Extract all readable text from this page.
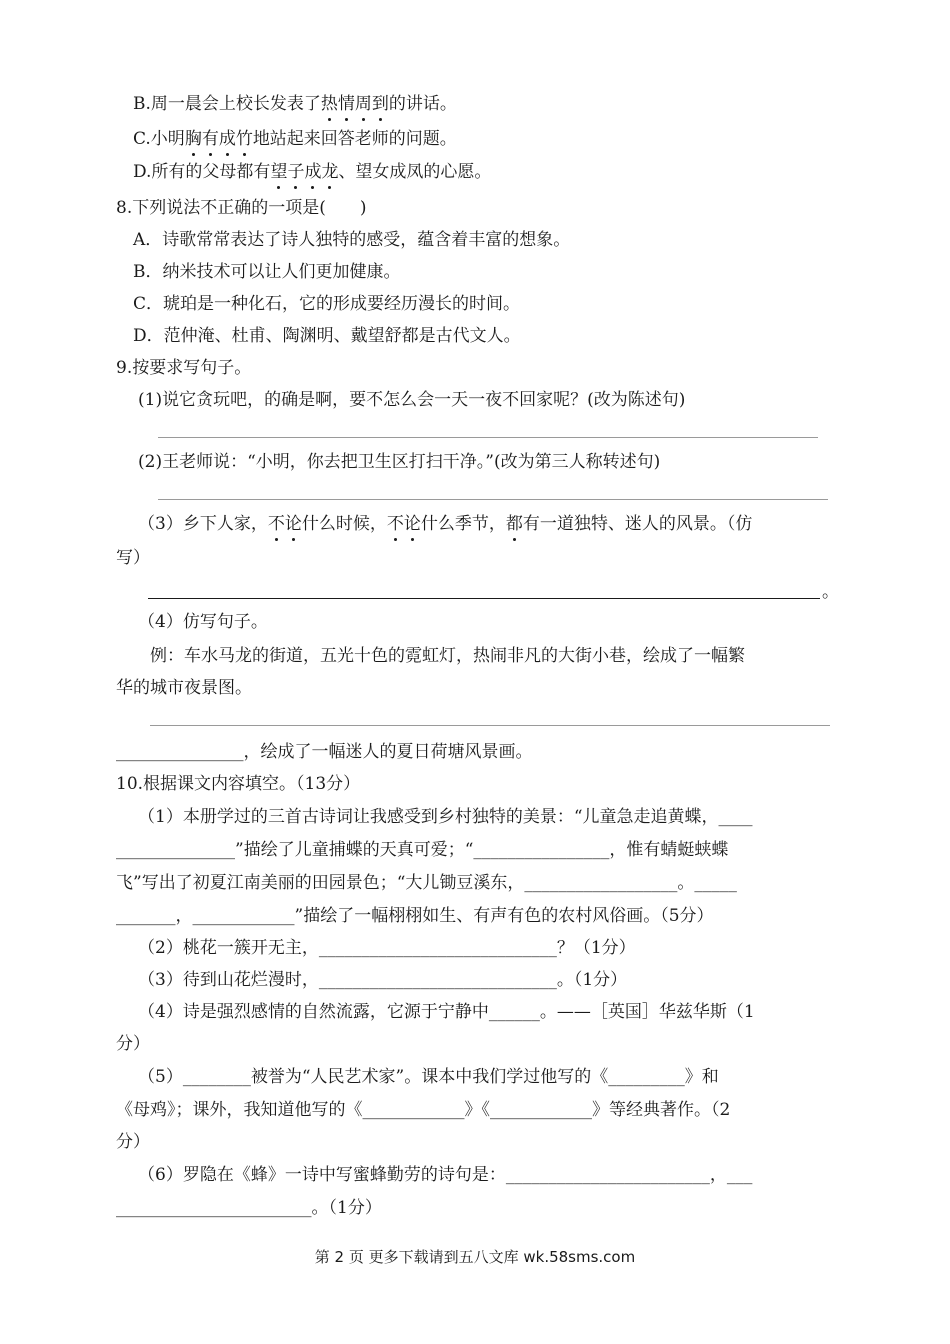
B.周一晨会上校长发表了热情周到的讲话。
C.小明胸有成竹地站起来回答老师的问题。
D.所有的父母都有望子成龙、望女成凤的心愿。
8.下列说法不正确的一项是(　　)
A．诗歌常常表达了诗人独特的感受，蕴含着丰富的想象。
B．纳米技术可以让人们更加健康。
C．琥珀是一种化石，它的形成要经历漫长的时间。
D．范仲淹、杜甫、陶渊明、戴望舒都是古代文人。
9.按要求写句子。
(1)说它贪玩吧，的确是啊，要不怎么会一天一夜不回家呢？(改为陈述句)
(2)王老师说：“小明，你去把卫生区打扫干净。”(改为第三人称转述句)
（3）乡下人家，不论什么时候，不论什么季节，都有一道独特、迷人的风景。（仿
写）
。
（4）仿写句子。
例：车水马龙的街道，五光十色的霓虹灯，热闹非凡的大街小巷，绘成了一幅繁
华的城市夜景图。
_______________，绘成了一幅迷人的夏日荷塘风景画。
10.根据课文内容填空。（13分）
（1）本册学过的三首古诗词让我感受到乡村独特的美景：“儿童急走追黄蝶，____
______________”描绘了儿童捕蝶的天真可爱；“________________，惟有蜻蜓蛱蝶
飞”写出了初夏江南美丽的田园景色；“大儿锄豆溪东，__________________。_____
_______，____________”描绘了一幅栩栩如生、有声有色的农村风俗画。（5分）
（2）桃花一簇开无主，____________________________？（1分）
（3）待到山花烂漫时，____________________________。（1分）
（4）诗是强烈感情的自然流露，它源于宁静中______。——［英国］华兹华斯（1
分）
（5）________被誉为“人民艺术家”。课本中我们学过他写的《_________》和
《母鸡》；课外，我知道他写的《____________》《____________》等经典著作。（2
分）
（6）罗隐在《蜂》一诗中写蜜蜂勤劳的诗句是：________________________，___
_______________________。（1分）
第 2 页 更多下载请到五八文库 wk.58sms.com
